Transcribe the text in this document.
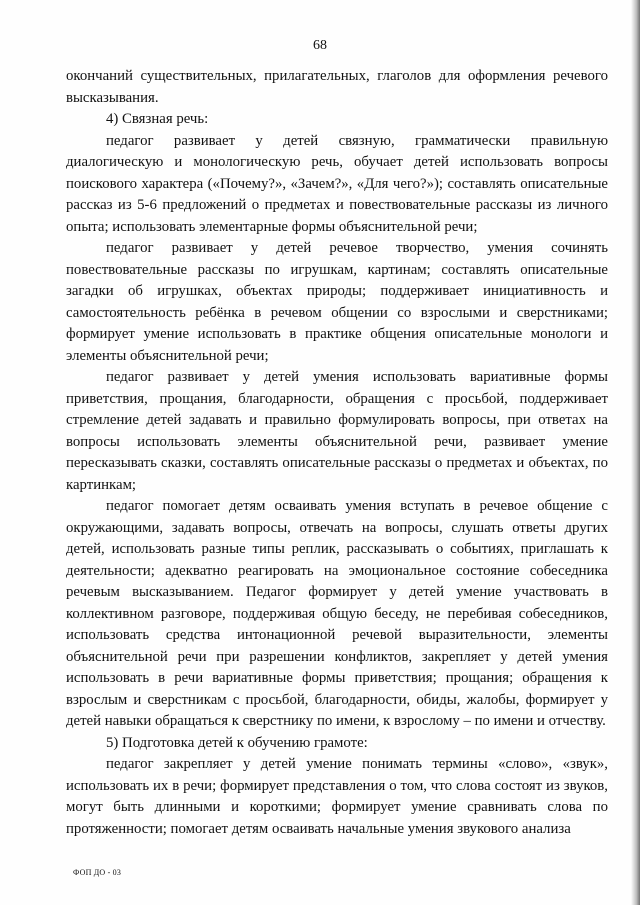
68

окончаний существительных, прилагательных, глаголов для оформления речевого высказывания.

4) Связная речь:

педагог развивает у детей связную, грамматически правильную диалогическую и монологическую речь, обучает детей использовать вопросы поискового характера («Почему?», «Зачем?», «Для чего?»); составлять описательные рассказ из 5-6 предложений о предметах и повествовательные рассказы из личного опыта; использовать элементарные формы объяснительной речи;

педагог развивает у детей речевое творчество, умения сочинять повествовательные рассказы по игрушкам, картинам; составлять описательные загадки об игрушках, объектах природы; поддерживает инициативность и самостоятельность ребёнка в речевом общении со взрослыми и сверстниками; формирует умение использовать в практике общения описательные монологи и элементы объяснительной речи;

педагог развивает у детей умения использовать вариативные формы приветствия, прощания, благодарности, обращения с просьбой, поддерживает стремление детей задавать и правильно формулировать вопросы, при ответах на вопросы использовать элементы объяснительной речи, развивает умение пересказывать сказки, составлять описательные рассказы о предметах и объектах, по картинкам;

педагог помогает детям осваивать умения вступать в речевое общение с окружающими, задавать вопросы, отвечать на вопросы, слушать ответы других детей, использовать разные типы реплик, рассказывать о событиях, приглашать к деятельности; адекватно реагировать на эмоциональное состояние собеседника речевым высказыванием. Педагог формирует у детей умение участвовать в коллективном разговоре, поддерживая общую беседу, не перебивая собеседников, использовать средства интонационной речевой выразительности, элементы объяснительной речи при разрешении конфликтов, закрепляет у детей умения использовать в речи вариативные формы приветствия; прощания; обращения к взрослым и сверстникам с просьбой, благодарности, обиды, жалобы, формирует у детей навыки обращаться к сверстнику по имени, к взрослому – по имени и отчеству.

5) Подготовка детей к обучению грамоте:

педагог закрепляет у детей умение понимать термины «слово», «звук», использовать их в речи; формирует представления о том, что слова состоят из звуков, могут быть длинными и короткими; формирует умение сравнивать слова по протяженности; помогает детям осваивать начальные умения звукового анализа

ФОП ДО - 03
